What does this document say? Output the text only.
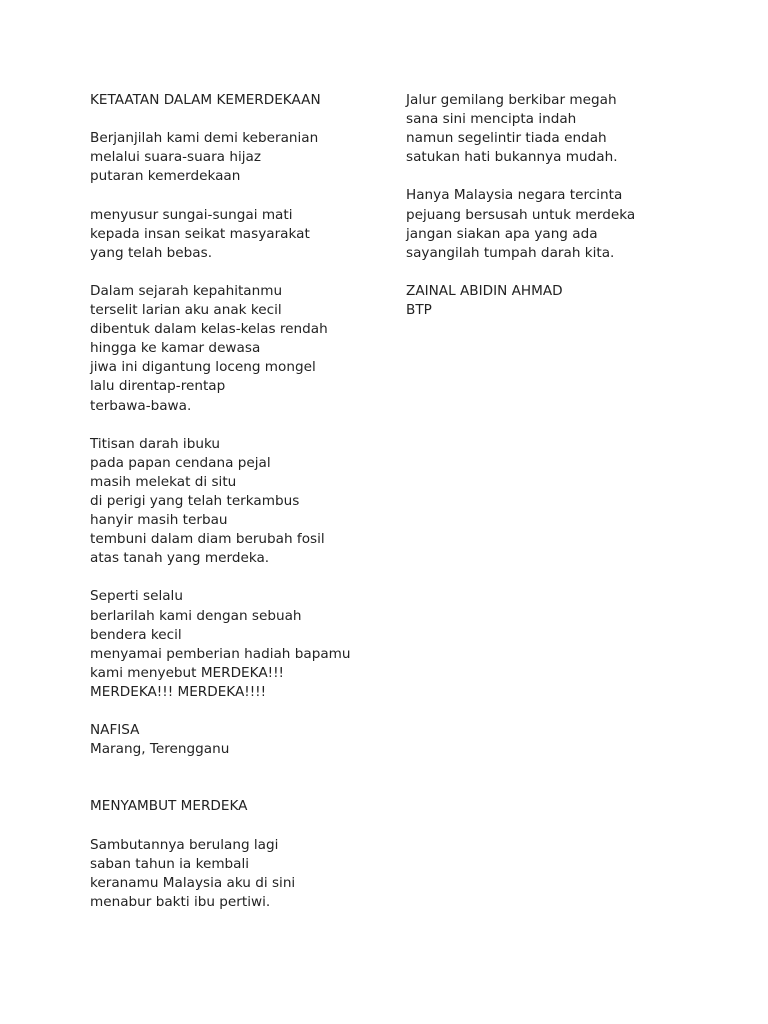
KETAATAN DALAM KEMERDEKAAN
Berjanjilah kami demi keberanian
melalui suara-suara hijaz
putaran kemerdekaan
menyusur sungai-sungai mati
kepada insan seikat masyarakat
yang telah bebas.
Dalam sejarah kepahitanmu
terselit larian aku anak kecil
dibentuk dalam kelas-kelas rendah
hingga ke kamar dewasa
jiwa ini digantung loceng mongel
lalu direntap-rentap
terbawa-bawa.
Titisan darah ibuku
pada papan cendana pejal
masih melekat di situ
di perigi yang telah terkambus
hanyir masih terbau
tembuni dalam diam berubah fosil
atas tanah yang merdeka.
Seperti selalu
berlarilah kami dengan sebuah
bendera kecil
menyamai pemberian hadiah bapamu
kami menyebut MERDEKA!!!
MERDEKA!!! MERDEKA!!!!
NAFISA
Marang, Terengganu
MENYAMBUT MERDEKA
Sambutannya berulang lagi
saban tahun ia kembali
keranamu Malaysia aku di sini
menabur bakti ibu pertiwi.
Jalur gemilang berkibar megah
sana sini mencipta indah
namun segelintir tiada endah
satukan hati bukannya mudah.
Hanya Malaysia negara tercinta
pejuang bersusah untuk merdeka
jangan siakan apa yang ada
sayangilah tumpah darah kita.
ZAINAL ABIDIN AHMAD
BTP
